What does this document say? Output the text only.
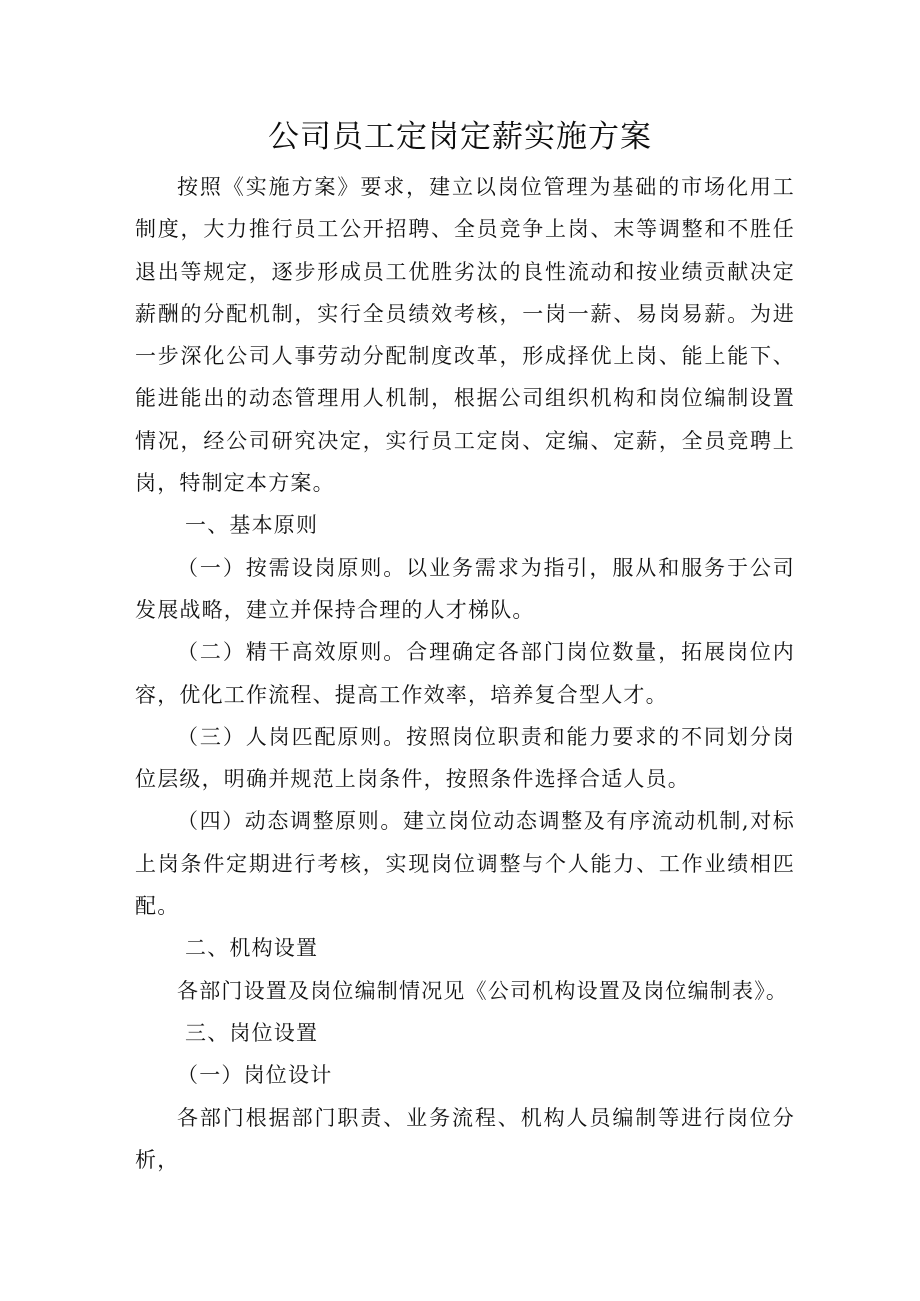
公司员工定岗定薪实施方案

按照《实施方案》要求，建立以岗位管理为基础的市场化用工制度，大力推行员工公开招聘、全员竞争上岗、末等调整和不胜任退出等规定，逐步形成员工优胜劣汰的良性流动和按业绩贡献决定薪酬的分配机制，实行全员绩效考核，一岗一薪、易岗易薪。为进一步深化公司人事劳动分配制度改革，形成择优上岗、能上能下、能进能出的动态管理用人机制，根据公司组织机构和岗位编制设置情况，经公司研究决定，实行员工定岗、定编、定薪，全员竞聘上岗，特制定本方案。

一、基本原则

（一）按需设岗原则。以业务需求为指引，服从和服务于公司发展战略，建立并保持合理的人才梯队。

（二）精干高效原则。合理确定各部门岗位数量，拓展岗位内容，优化工作流程、提高工作效率，培养复合型人才。

（三）人岗匹配原则。按照岗位职责和能力要求的不同划分岗位层级，明确并规范上岗条件，按照条件选择合适人员。

（四）动态调整原则。建立岗位动态调整及有序流动机制,对标上岗条件定期进行考核，实现岗位调整与个人能力、工作业绩相匹配。

二、机构设置

各部门设置及岗位编制情况见《公司机构设置及岗位编制表》。

三、岗位设置

（一）岗位设计

各部门根据部门职责、业务流程、机构人员编制等进行岗位分析，
